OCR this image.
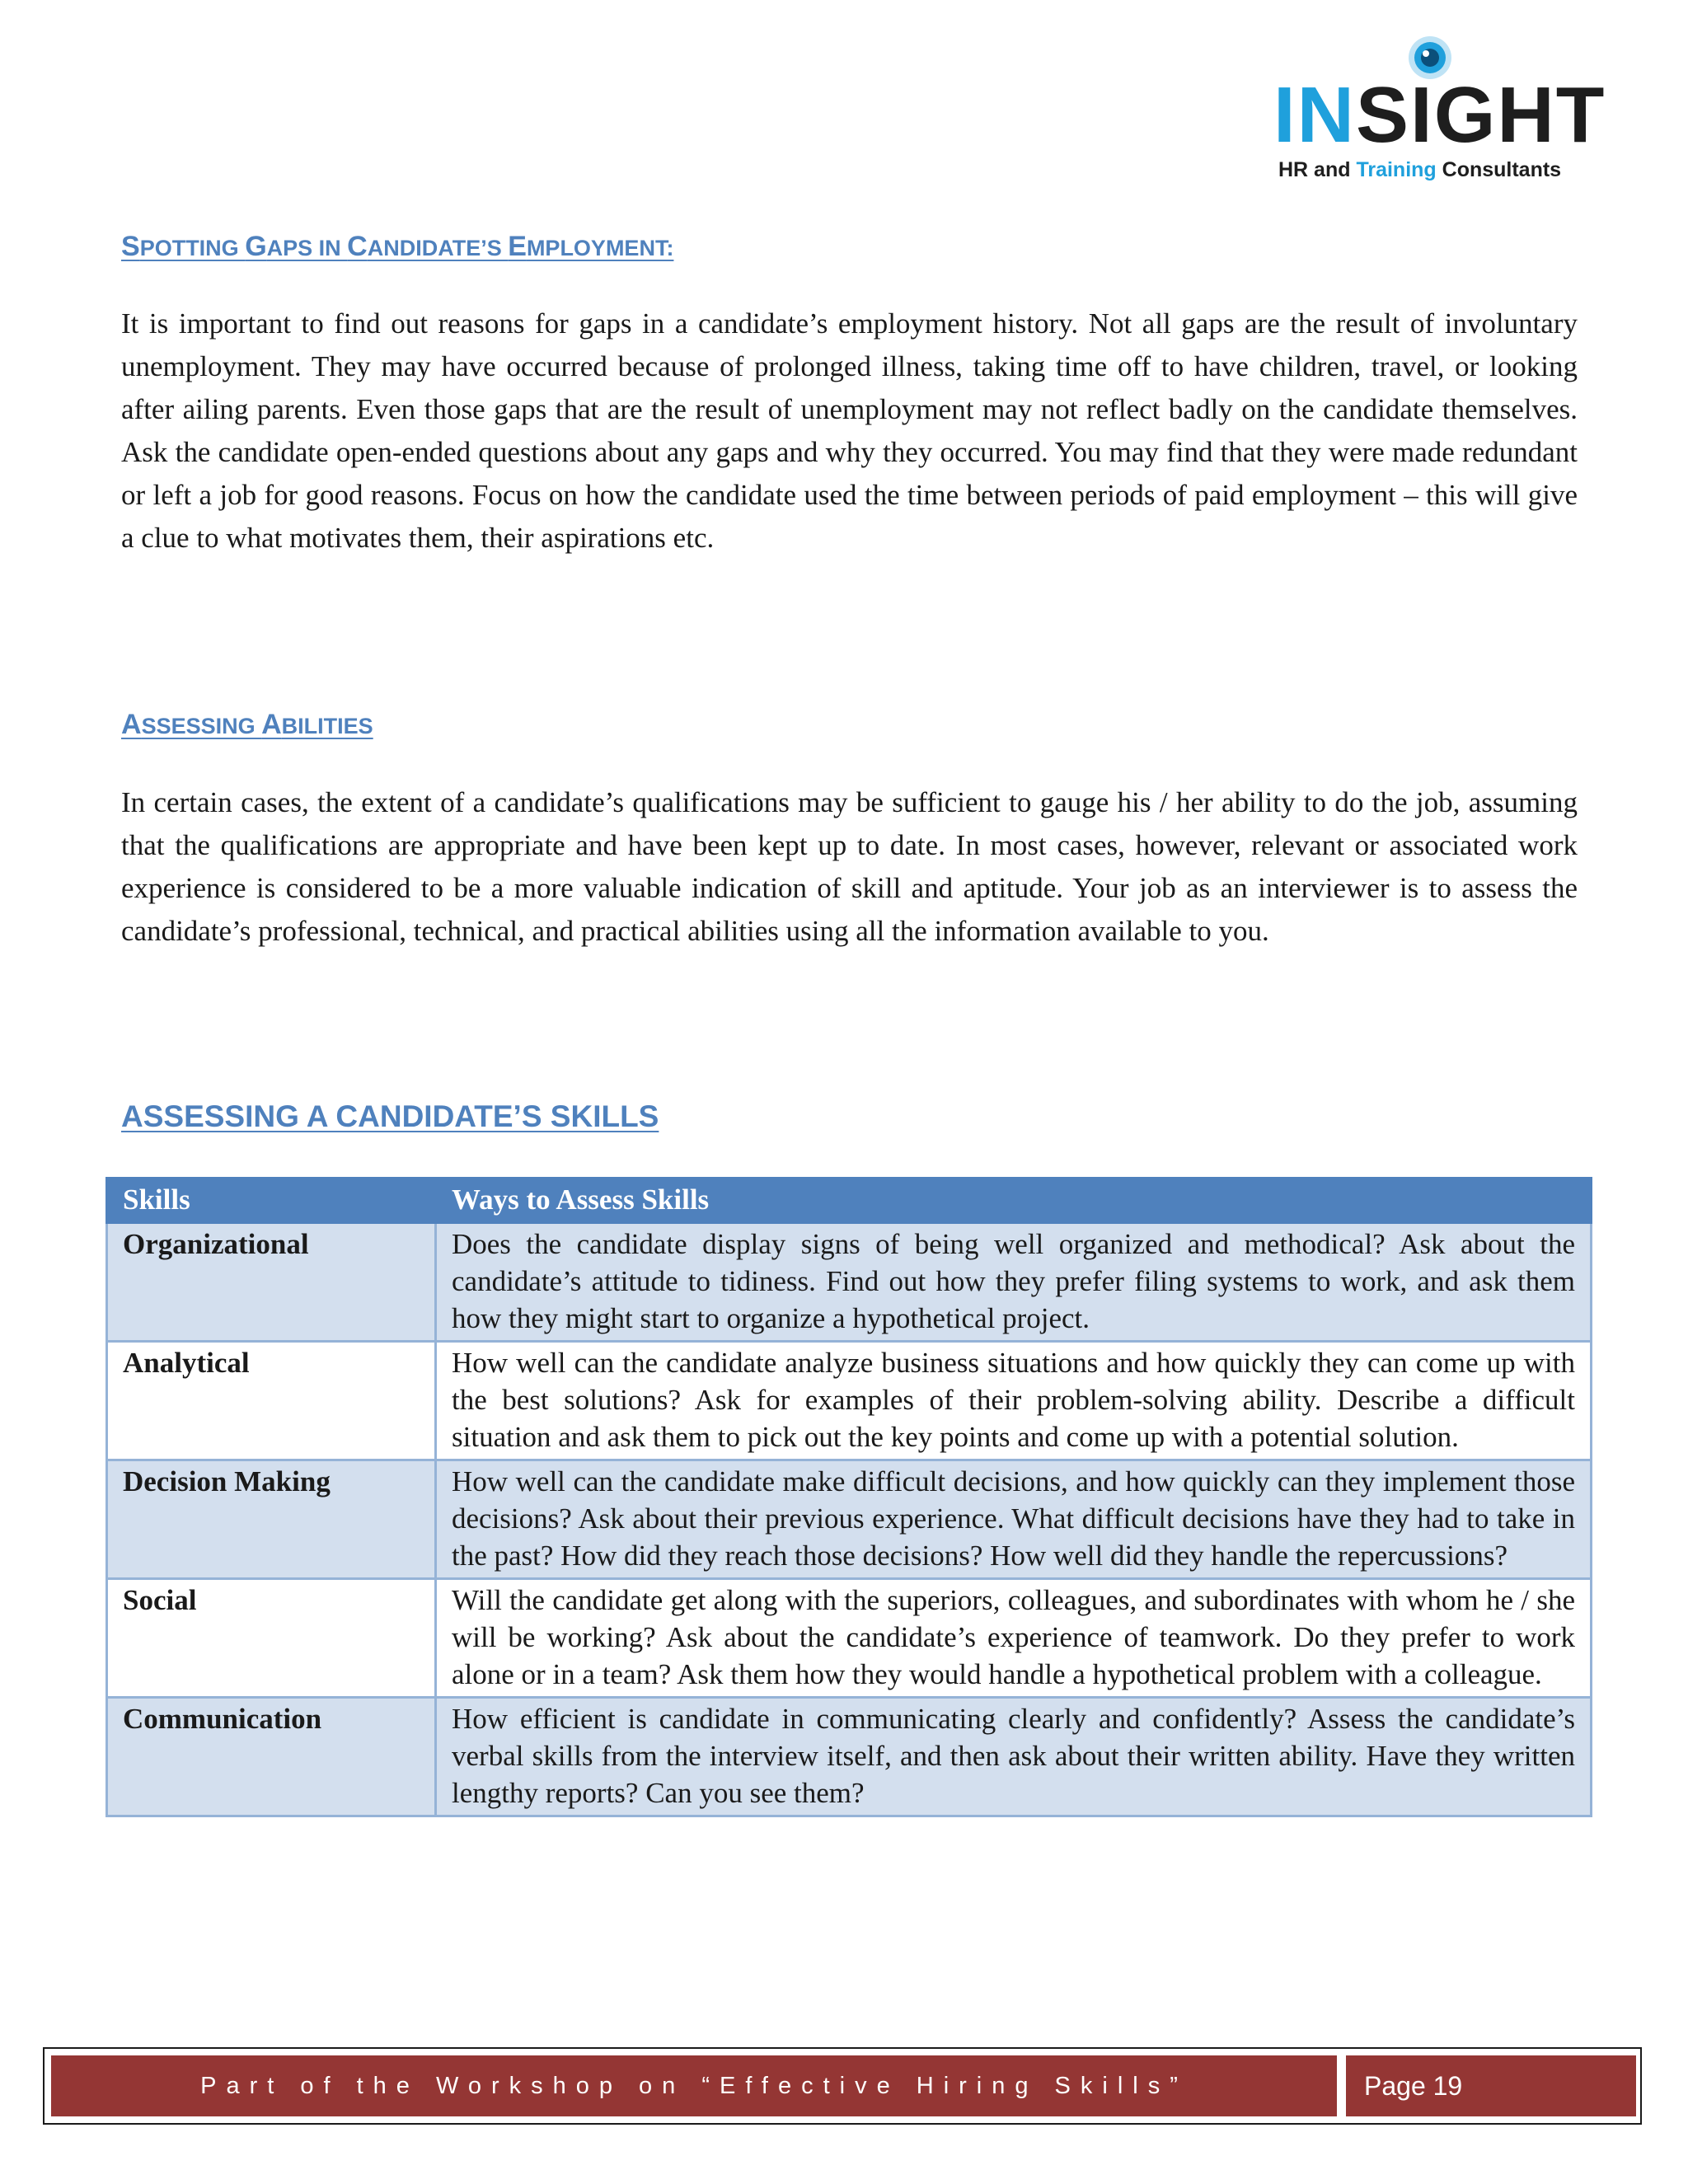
INSIGHT
HR and Training Consultants
SPOTTING GAPS IN CANDIDATE’S EMPLOYMENT:

It is important to find out reasons for gaps in a candidate’s employment history. Not all gaps are the result of involuntary unemployment. They may have occurred because of prolonged illness, taking time off to have children, travel, or looking after ailing parents. Even those gaps that are the result of unemployment may not reflect badly on the candidate themselves. Ask the candidate open-ended questions about any gaps and why they occurred. You may find that they were made redundant or left a job for good reasons. Focus on how the candidate used the time between periods of paid employment – this will give a clue to what motivates them, their aspirations etc.

ASSESSING ABILITIES

In certain cases, the extent of a candidate’s qualifications may be sufficient to gauge his / her ability to do the job, assuming that the qualifications are appropriate and have been kept up to date. In most cases, however, relevant or associated work experience is considered to be a more valuable indication of skill and aptitude. Your job as an interviewer is to assess the candidate’s professional, technical, and practical abilities using all the information available to you.

ASSESSING A CANDIDATE’S SKILLS
Skills	Ways to Assess Skills
Organizational	Does the candidate display signs of being well organized and methodical? Ask about the candidate’s attitude to tidiness. Find out how they prefer filing systems to work, and ask them how they might start to organize a hypothetical project.
Analytical	How well can the candidate analyze business situations and how quickly they can come up with the best solutions? Ask for examples of their problem-solving ability. Describe a difficult situation and ask them to pick out the key points and come up with a potential solution.
Decision Making	How well can the candidate make difficult decisions, and how quickly can they implement those decisions? Ask about their previous experience. What difficult decisions have they had to take in the past? How did they reach those decisions? How well did they handle the repercussions?
Social	Will the candidate get along with the superiors, colleagues, and subordinates with whom he / she will be working? Ask about the candidate’s experience of teamwork. Do they prefer to work alone or in a team? Ask them how they would handle a hypothetical problem with a colleague.
Communication	How efficient is candidate in communicating clearly and confidently? Assess the candidate’s verbal skills from the interview itself, and then ask about their written ability. Have they written lengthy reports? Can you see them?
Part of the Workshop on “Effective Hiring Skills”	Page 19
